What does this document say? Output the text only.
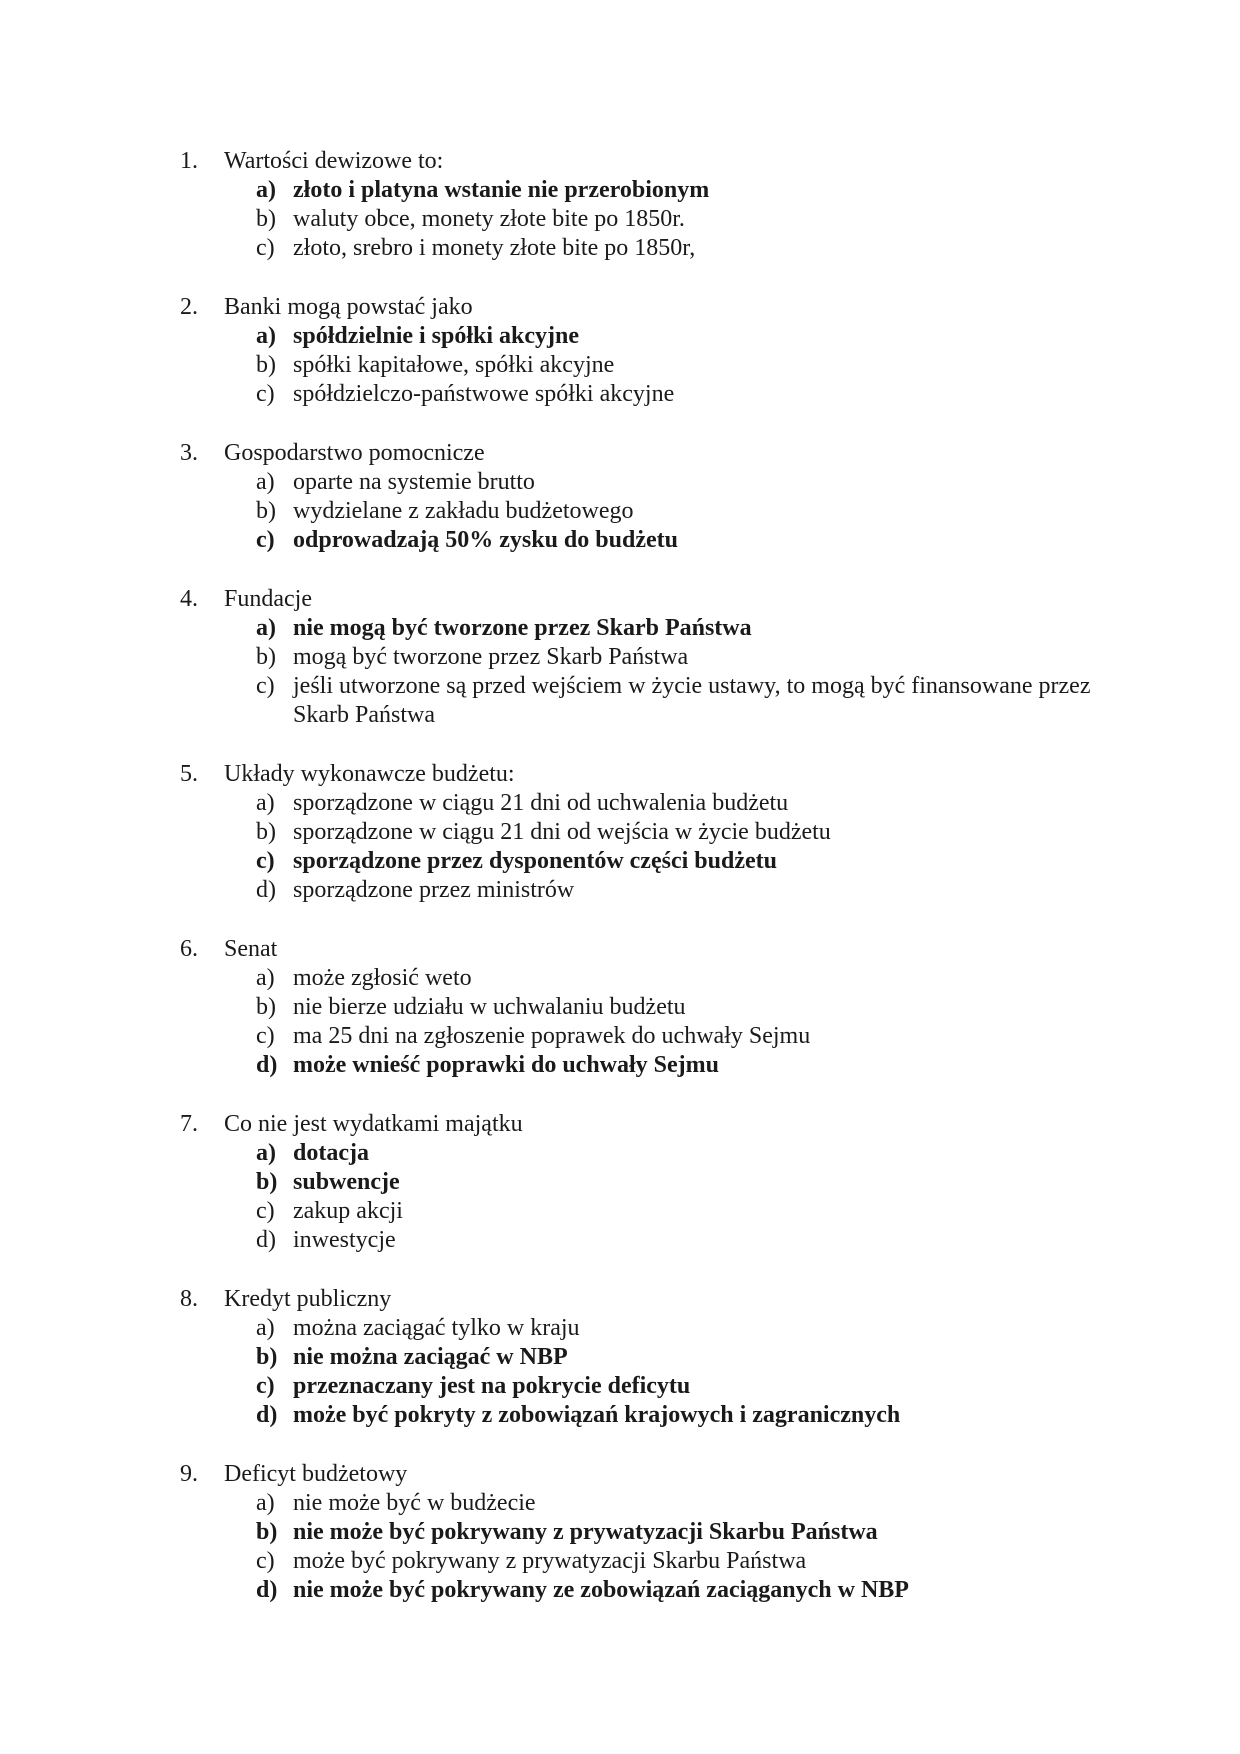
1.	Wartości dewizowe to:
a) złoto i platyna wstanie nie przerobionym
b) waluty obce, monety złote bite po 1850r.
c) złoto, srebro i monety złote bite po 1850r,
2.	Banki mogą powstać jako
a) spółdzielnie i spółki akcyjne
b) spółki kapitałowe, spółki akcyjne
c) spółdzielczo-państwowe spółki akcyjne
3.	Gospodarstwo pomocnicze
a) oparte na systemie brutto
b) wydzielane z zakładu budżetowego
c) odprowadzają 50% zysku do budżetu
4.	Fundacje
a) nie mogą być tworzone przez Skarb Państwa
b) mogą być tworzone przez Skarb Państwa
c) jeśli utworzone są przed wejściem w życie ustawy, to mogą być finansowane przez Skarb Państwa
5.	Układy wykonawcze budżetu:
a) sporządzone w ciągu 21 dni od uchwalenia budżetu
b) sporządzone w ciągu 21 dni od wejścia w życie budżetu
c) sporządzone przez dysponentów części budżetu
d) sporządzone przez ministrów
6.	Senat
a) może zgłosić weto
b) nie bierze udziału w uchwalaniu budżetu
c) ma 25 dni na zgłoszenie poprawek do uchwały Sejmu
d) może wnieść poprawki do uchwały Sejmu
7.	Co nie jest wydatkami majątku
a) dotacja
b) subwencje
c) zakup akcji
d) inwestycje
8.	Kredyt publiczny
a) można zaciągać tylko w kraju
b) nie można zaciągać w NBP
c) przeznaczany jest na pokrycie deficytu
d) może być pokryty z zobowiązań krajowych i zagranicznych
9.	Deficyt budżetowy
a) nie może być w budżecie
b) nie może być pokrywany z prywatyzacji Skarbu Państwa
c) może być pokrywany z prywatyzacji Skarbu Państwa
d) nie może być pokrywany ze zobowiązań zaciąganych w NBP
